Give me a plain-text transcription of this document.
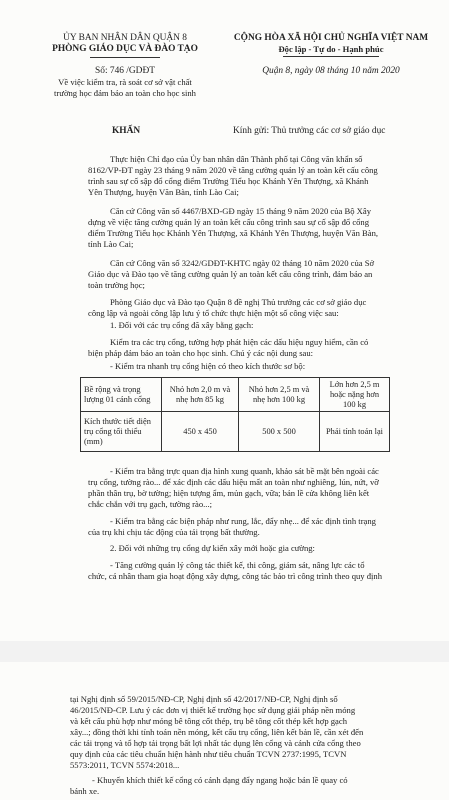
ỦY BAN NHÂN DÂN QUẬN 8
PHÒNG GIÁO DỤC VÀ ĐÀO TẠO
Số: 746 /GDĐT
Về việc kiểm tra, rà soát cơ sở vật chất
trường học đảm bảo an toàn cho học sinh
CỘNG HÒA XÃ HỘI CHỦ NGHĨA VIỆT NAM
Độc lập - Tự do - Hạnh phúc
Quận 8, ngày 08 tháng 10 năm 2020
KHẨN	Kính gửi: Thủ trưởng các cơ sở giáo dục
Thực hiện Chỉ đạo của Ủy ban nhân dân Thành phố tại Công văn khẩn số
8162/VP-ĐT ngày 23 tháng 9 năm 2020 về tăng cường quản lý an toàn kết cấu công
trình sau sự cố sập đổ cổng điểm Trường Tiểu học Khánh Yên Thượng, xã Khánh
Yên Thượng, huyện Văn Bàn, tỉnh Lào Cai;
Căn cứ Công văn số 4467/BXD-GĐ ngày 15 tháng 9 năm 2020 của Bộ Xây
dựng về việc tăng cường quản lý an toàn kết cấu công trình sau sự cố sập đổ cổng
điểm Trường Tiểu học Khánh Yên Thượng, xã Khánh Yên Thượng, huyện Văn Bàn,
tỉnh Lào Cai;
Căn cứ Công văn số 3242/GDĐT-KHTC ngày 02 tháng 10 năm 2020 của Sở
Giáo dục và Đào tạo về tăng cường quản lý an toàn kết cấu công trình, đảm bảo an
toàn trường học;
Phòng Giáo dục và Đào tạo Quận 8 đề nghị Thủ trưởng các cơ sở giáo dục
công lập và ngoài công lập lưu ý tổ chức thực hiện một số công việc sau:
1. Đối với các trụ cổng đã xây bằng gạch:
Kiểm tra các trụ cổng, tường hợp phát hiện các dấu hiệu nguy hiểm, cần có
biện pháp đảm bảo an toàn cho học sinh. Chú ý các nội dung sau:
- Kiểm tra nhanh trụ cổng hiện có theo kích thước sơ bộ:
Bề rộng và trọng lượng 01 cánh cổng	Nhỏ hơn 2,0 m và nhẹ hơn 85 kg	Nhỏ hơn 2,5 m và nhẹ hơn 100 kg	Lớn hơn 2,5 m hoặc nặng hơn 100 kg
Kích thước tiết diện trụ cổng tối thiểu (mm)	450 x 450	500 x 500	Phải tính toán lại
- Kiểm tra bằng trực quan địa hình xung quanh, khảo sát bề mặt bên ngoài các
trụ cổng, tường rào... để xác định các dấu hiệu mất an toàn như nghiêng, lún, nứt, vỡ
phần thân trụ, bờ tường; hiện tượng ẩm, mủn gạch, vữa; bản lề cửa không liên kết
chắc chắn với trụ gạch, tường rào...;
- Kiểm tra bằng các biện pháp như rung, lắc, đẩy nhẹ... để xác định tình trạng
của trụ khi chịu tác động của tải trọng bất thường.
2. Đối với những trụ cổng dự kiến xây mới hoặc gia cường:
- Tăng cường quản lý công tác thiết kế, thi công, giám sát, nâng lực các tổ
chức, cá nhân tham gia hoạt động xây dựng, công tác bảo trì công trình theo quy định
tại Nghị định số 59/2015/NĐ-CP, Nghị định số 42/2017/NĐ-CP, Nghị định số
46/2015/NĐ-CP. Lưu ý các đơn vị thiết kế trường học sử dụng giải pháp nền móng
và kết cấu phù hợp như móng bê tông cốt thép, trụ bê tông cốt thép kết hợp gạch
xây...; đồng thời khi tính toán nền móng, kết cấu trụ cổng, liên kết bản lề, cần xét đến
các tải trọng và tổ hợp tải trọng bất lợi nhất tác dụng lên cổng và cánh cửa cổng theo
quy định của các tiêu chuẩn hiện hành như tiêu chuẩn TCVN 2737:1995, TCVN
5573:2011, TCVN 5574:2018...
- Khuyến khích thiết kế cổng có cánh dạng đẩy ngang hoặc bản lề quay có
bánh xe.
